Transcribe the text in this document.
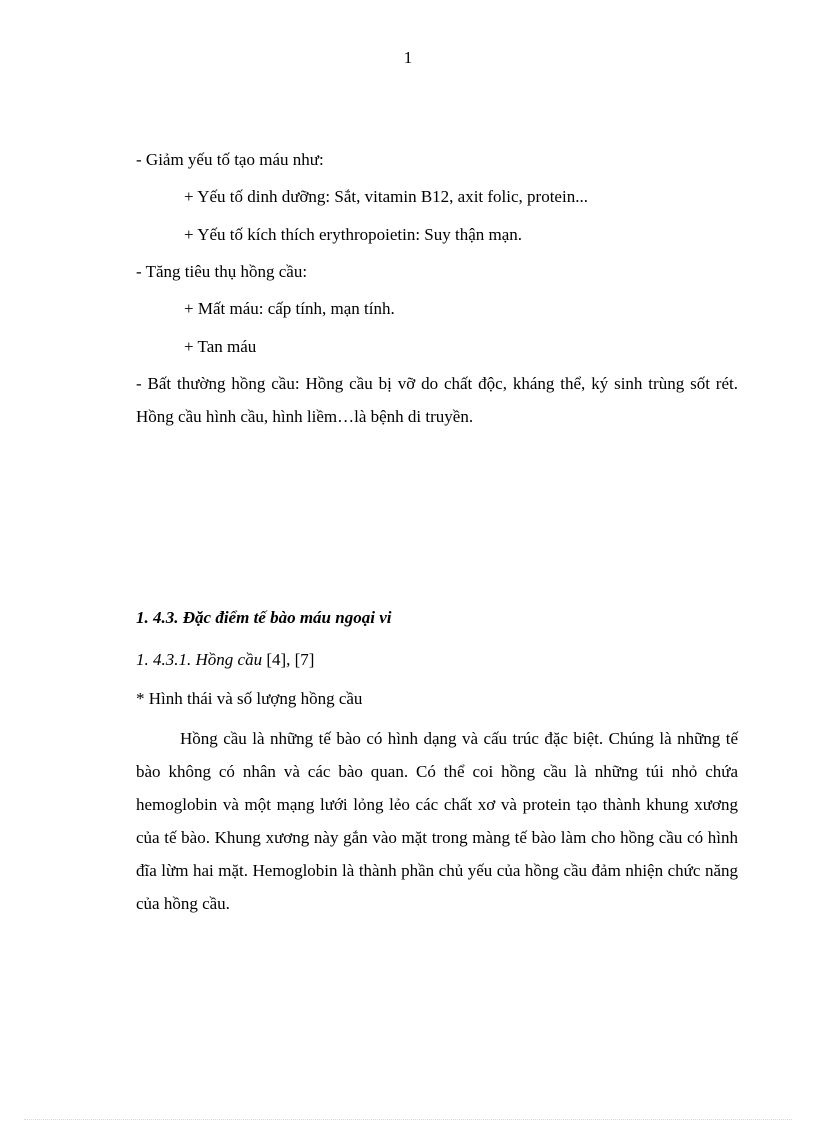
1
- Giảm yếu tố tạo máu như:
+ Yếu tố dinh dưỡng: Sắt, vitamin B12, axit folic, protein...
+ Yếu tố kích thích erythropoietin: Suy thận mạn.
- Tăng tiêu thụ hồng cầu:
+ Mất máu: cấp tính, mạn tính.
+ Tan máu
- Bất thường hồng cầu: Hồng cầu bị vỡ do chất độc, kháng thể, ký sinh trùng sốt rét. Hồng cầu hình cầu, hình liềm…là bệnh di truyền.
1. 4.3. Đặc điểm tế bào máu ngoại vi
1. 4.3.1. Hồng cầu [4], [7]
* Hình thái và số lượng hồng cầu
Hồng cầu là những tế bào có hình dạng và cấu trúc đặc biệt. Chúng là những tế bào không có nhân và các bào quan. Có thể coi hồng cầu là những túi nhỏ chứa hemoglobin và một mạng lưới lỏng lẻo các chất xơ và protein tạo thành khung xương của tế bào. Khung xương này gắn vào mặt trong màng tế bào làm cho hồng cầu có hình đĩa lừm hai mặt. Hemoglobin là thành phần chủ yếu của hồng cầu đảm nhiện chức năng của hồng cầu.
